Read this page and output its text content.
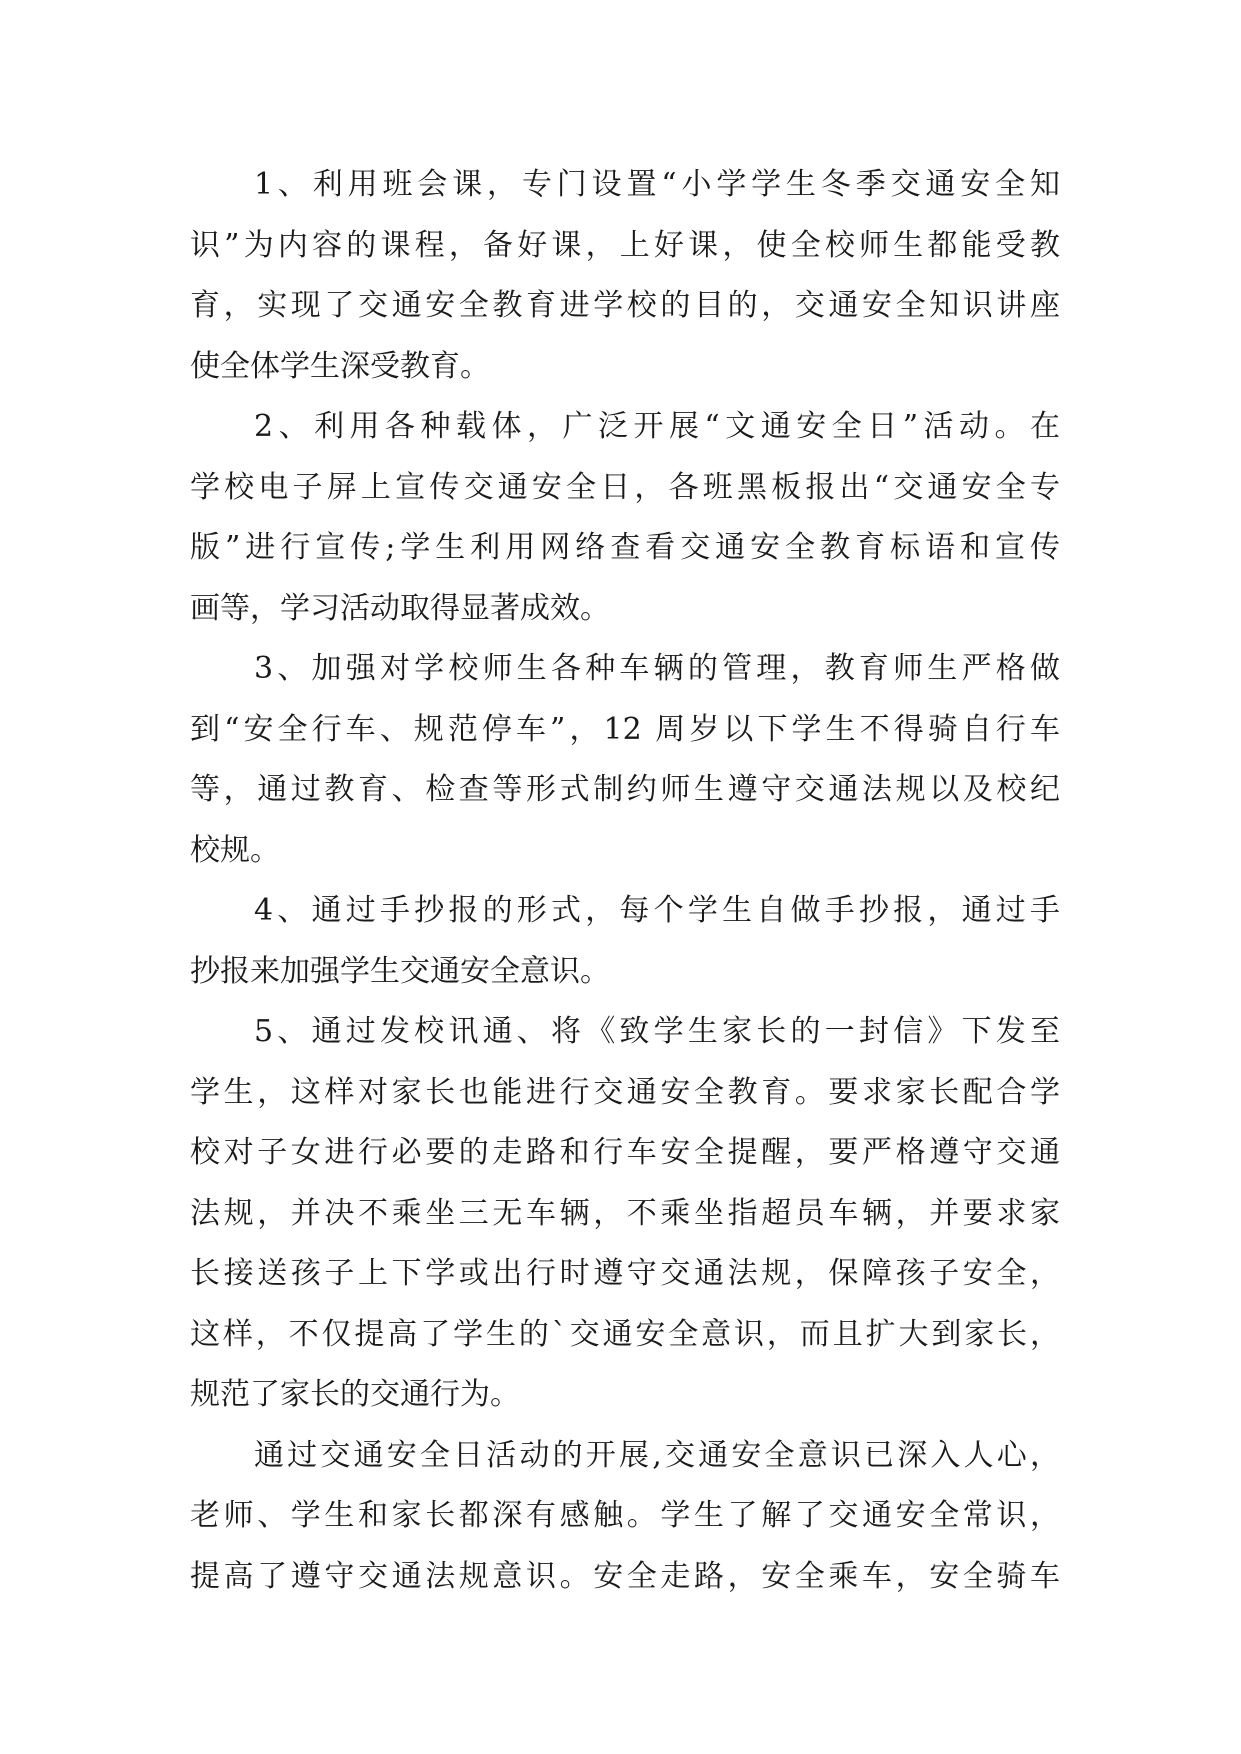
1、利用班会课，专门设置“小学学生冬季交通安全知
识”为内容的课程，备好课，上好课，使全校师生都能受教
育，实现了交通安全教育进学校的目的，交通安全知识讲座
使全体学生深受教育。
2、利用各种载体，广泛开展“文通安全日”活动。在
学校电子屏上宣传交通安全日，各班黑板报出“交通安全专
版”进行宣传;学生利用网络查看交通安全教育标语和宣传
画等，学习活动取得显著成效。
3、加强对学校师生各种车辆的管理，教育师生严格做
到“安全行车、规范停车”，12 周岁以下学生不得骑自行车
等，通过教育、检查等形式制约师生遵守交通法规以及校纪
校规。
4、通过手抄报的形式，每个学生自做手抄报，通过手
抄报来加强学生交通安全意识。
5、通过发校讯通、将《致学生家长的一封信》下发至
学生，这样对家长也能进行交通安全教育。要求家长配合学
校对子女进行必要的走路和行车安全提醒，要严格遵守交通
法规，并决不乘坐三无车辆，不乘坐指超员车辆，并要求家
长接送孩子上下学或出行时遵守交通法规，保障孩子安全，
这样，不仅提高了学生的`交通安全意识，而且扩大到家长，
规范了家长的交通行为。
通过交通安全日活动的开展,交通安全意识已深入人心，
老师、学生和家长都深有感触。学生了解了交通安全常识，
提高了遵守交通法规意识。安全走路，安全乘车，安全骑车
